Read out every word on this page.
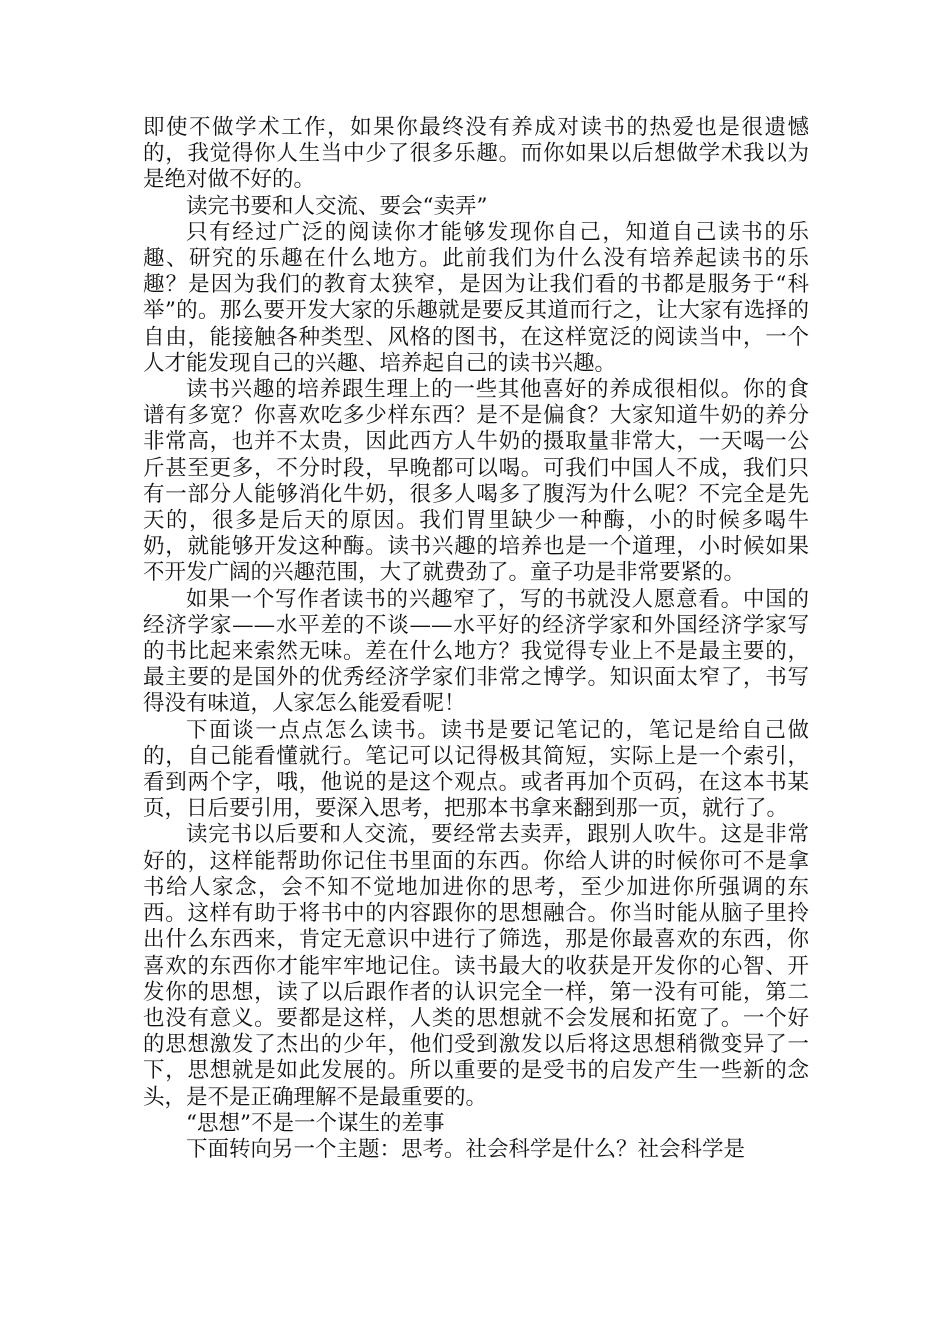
即使不做学术工作，如果你最终没有养成对读书的热爱也是很遗憾的，我觉得你人生当中少了很多乐趣。而你如果以后想做学术我以为是绝对做不好的。

读完书要和人交流、要会“卖弄”

只有经过广泛的阅读你才能够发现你自己，知道自己读书的乐趣、研究的乐趣在什么地方。此前我们为什么没有培养起读书的乐趣？是因为我们的教育太狭窄，是因为让我们看的书都是服务于“科举”的。那么要开发大家的乐趣就是要反其道而行之，让大家有选择的自由，能接触各种类型、风格的图书，在这样宽泛的阅读当中，一个人才能发现自己的兴趣、培养起自己的读书兴趣。

读书兴趣的培养跟生理上的一些其他喜好的养成很相似。你的食谱有多宽？你喜欢吃多少样东西？是不是偏食？大家知道牛奶的养分非常高，也并不太贵，因此西方人牛奶的摄取量非常大，一天喝一公斤甚至更多，不分时段，早晚都可以喝。可我们中国人不成，我们只有一部分人能够消化牛奶，很多人喝多了腹泻为什么呢？不完全是先天的，很多是后天的原因。我们胃里缺少一种酶，小的时候多喝牛奶，就能够开发这种酶。读书兴趣的培养也是一个道理，小时候如果不开发广阔的兴趣范围，大了就费劲了。童子功是非常要紧的。

如果一个写作者读书的兴趣窄了，写的书就没人愿意看。中国的经济学家——水平差的不谈——水平好的经济学家和外国经济学家写的书比起来索然无味。差在什么地方？我觉得专业上不是最主要的，最主要的是国外的优秀经济学家们非常之博学。知识面太窄了，书写得没有味道，人家怎么能爱看呢！

下面谈一点点怎么读书。读书是要记笔记的，笔记是给自己做的，自己能看懂就行。笔记可以记得极其简短，实际上是一个索引，看到两个字，哦，他说的是这个观点。或者再加个页码，在这本书某页，日后要引用，要深入思考，把那本书拿来翻到那一页，就行了。

读完书以后要和人交流，要经常去卖弄，跟别人吹牛。这是非常好的，这样能帮助你记住书里面的东西。你给人讲的时候你可不是拿书给人家念，会不知不觉地加进你的思考，至少加进你所强调的东西。这样有助于将书中的内容跟你的思想融合。你当时能从脑子里拎出什么东西来，肯定无意识中进行了筛选，那是你最喜欢的东西，你喜欢的东西你才能牢牢地记住。读书最大的收获是开发你的心智、开发你的思想，读了以后跟作者的认识完全一样，第一没有可能，第二也没有意义。要都是这样，人类的思想就不会发展和拓宽了。一个好的思想激发了杰出的少年，他们受到激发以后将这思想稍微变异了一下，思想就是如此发展的。所以重要的是受书的启发产生一些新的念头，是不是正确理解不是最重要的。

“思想”不是一个谋生的差事

下面转向另一个主题：思考。社会科学是什么？社会科学是
